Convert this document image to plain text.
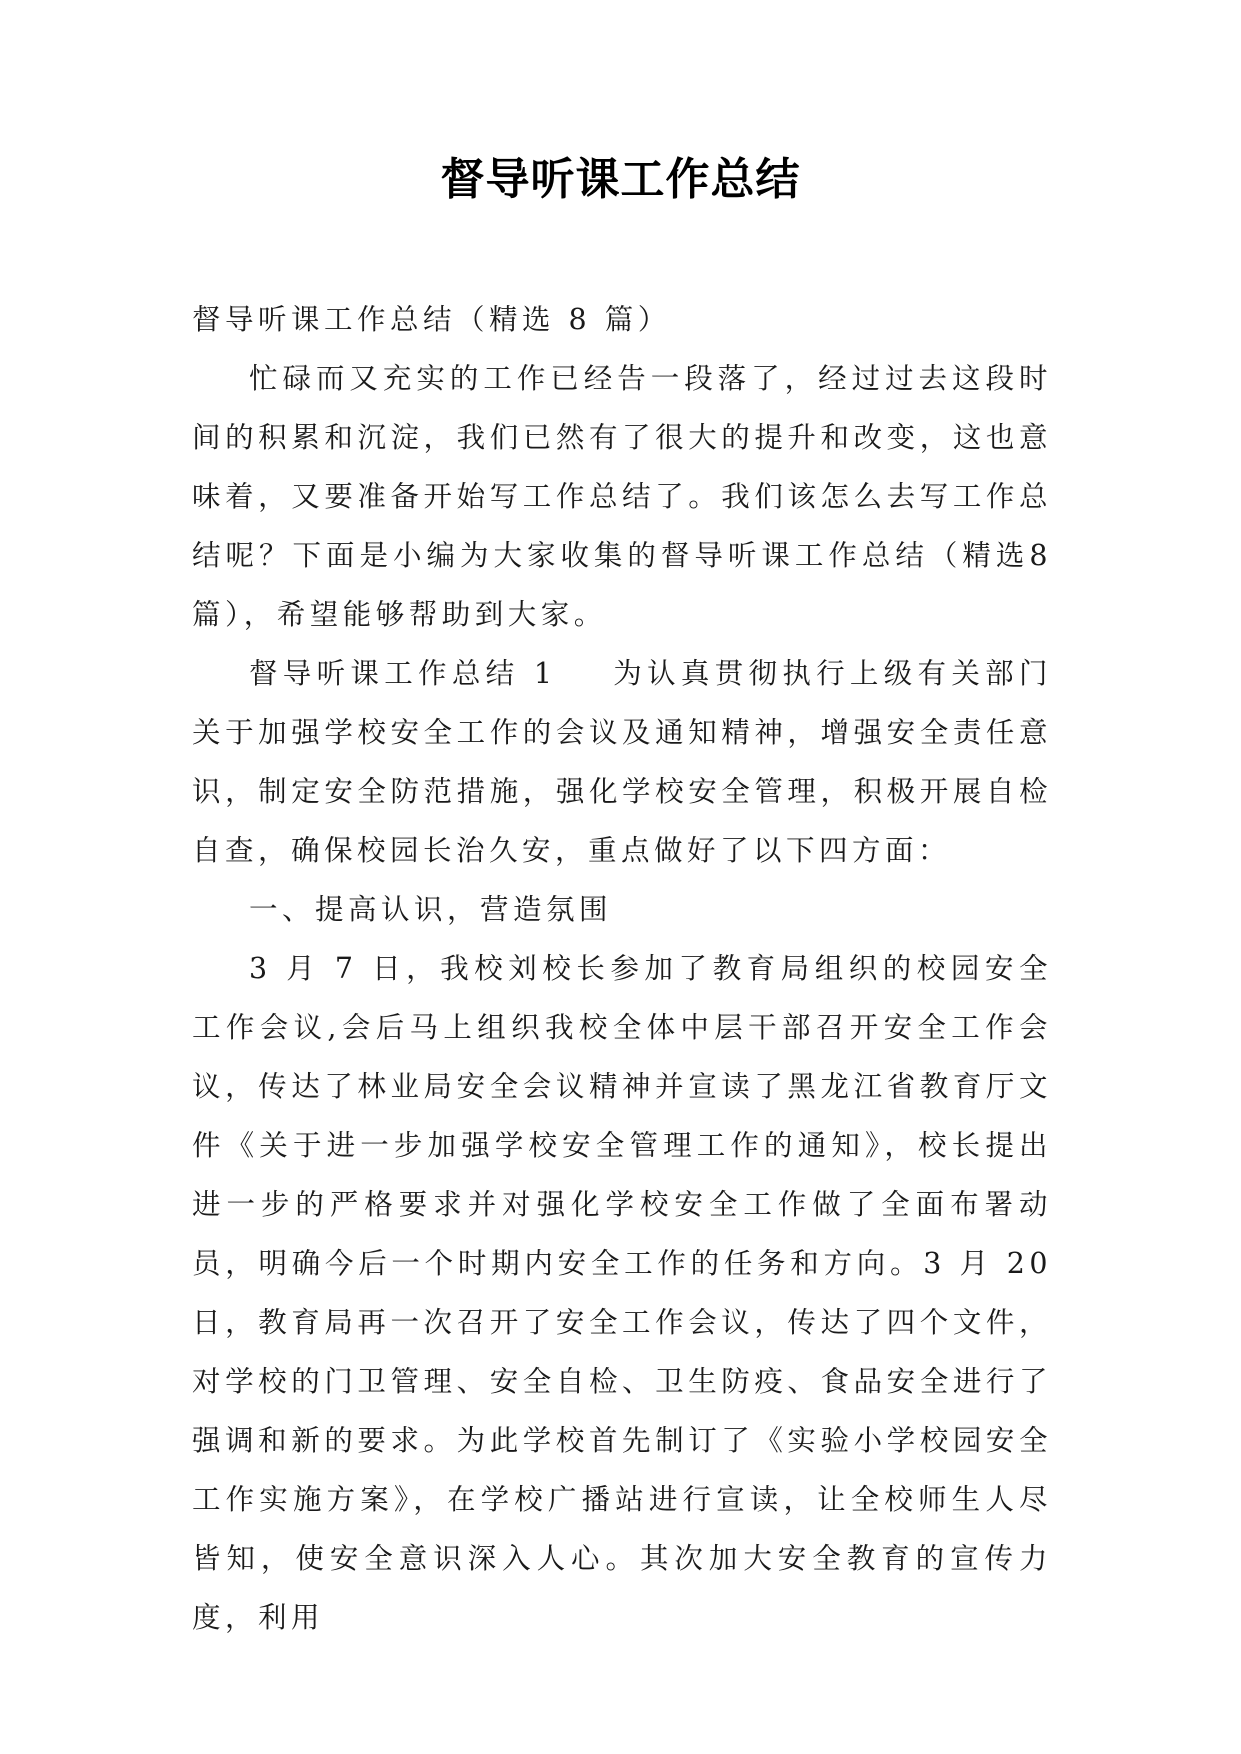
督导听课工作总结

督导听课工作总结（精选 8 篇）

忙碌而又充实的工作已经告一段落了，经过过去这段时间的积累和沉淀，我们已然有了很大的提升和改变，这也意味着，又要准备开始写工作总结了。我们该怎么去写工作总结呢？下面是小编为大家收集的督导听课工作总结（精选8篇），希望能够帮助到大家。

督导听课工作总结 1 为认真贯彻执行上级有关部门关于加强学校安全工作的会议及通知精神，增强安全责任意识，制定安全防范措施，强化学校安全管理，积极开展自检自查，确保校园长治久安，重点做好了以下四方面：

一、提高认识，营造氛围

3 月 7 日，我校刘校长参加了教育局组织的校园安全工作会议,会后马上组织我校全体中层干部召开安全工作会议，传达了林业局安全会议精神并宣读了黑龙江省教育厅文件《关于进一步加强学校安全管理工作的通知》，校长提出进一步的严格要求并对强化学校安全工作做了全面布署动员，明确今后一个时期内安全工作的任务和方向。3 月 20 日，教育局再一次召开了安全工作会议，传达了四个文件，对学校的门卫管理、安全自检、卫生防疫、食品安全进行了强调和新的要求。为此学校首先制订了《实验小学校园安全工作实施方案》，在学校广播站进行宣读，让全校师生人尽皆知，使安全意识深入人心。其次加大安全教育的宣传力度，利用
